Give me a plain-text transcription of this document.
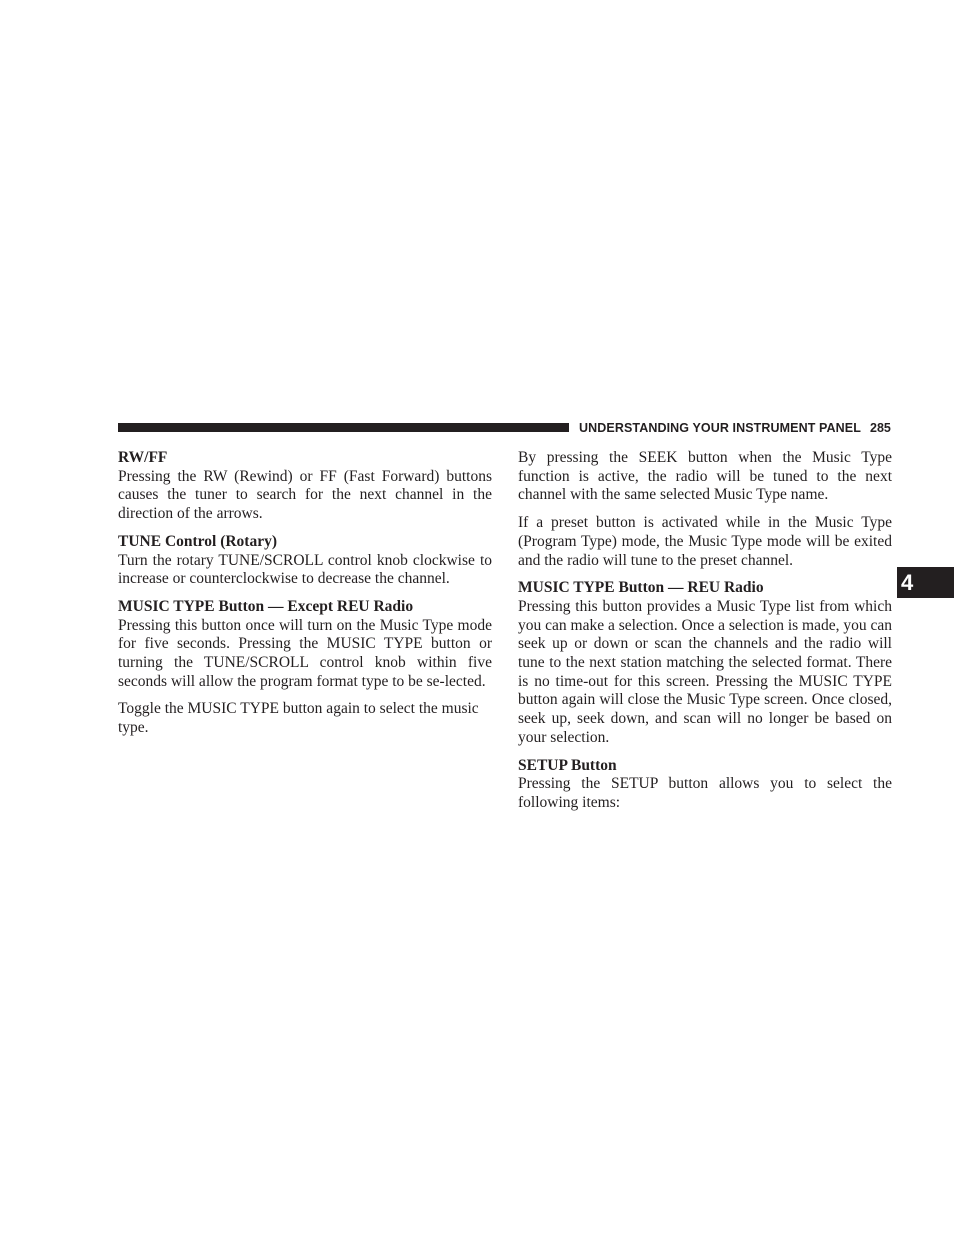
UNDERSTANDING YOUR INSTRUMENT PANEL 285
4

RW/FF

Pressing the RW (Rewind) or FF (Fast Forward) buttons causes the tuner to search for the next channel in the direction of the arrows.

TUNE Control (Rotary)

Turn the rotary TUNE/SCROLL control knob clockwise to increase or counterclockwise to decrease the channel.

MUSIC TYPE Button — Except REU Radio

Pressing this button once will turn on the Music Type mode for five seconds. Pressing the MUSIC TYPE button or turning the TUNE/SCROLL control knob within five seconds will allow the program format type to be se-lected.

Toggle the MUSIC TYPE button again to select the music type.

By pressing the SEEK button when the Music Type function is active, the radio will be tuned to the next channel with the same selected Music Type name.

If a preset button is activated while in the Music Type (Program Type) mode, the Music Type mode will be exited and the radio will tune to the preset channel.

MUSIC TYPE Button — REU Radio

Pressing this button provides a Music Type list from which you can make a selection. Once a selection is made, you can seek up or down or scan the channels and the radio will tune to the next station matching the selected format. There is no time-out for this screen. Pressing the MUSIC TYPE button again will close the Music Type screen. Once closed, seek up, seek down, and scan will no longer be based on your selection.

SETUP Button

Pressing the SETUP button allows you to select the following items:
